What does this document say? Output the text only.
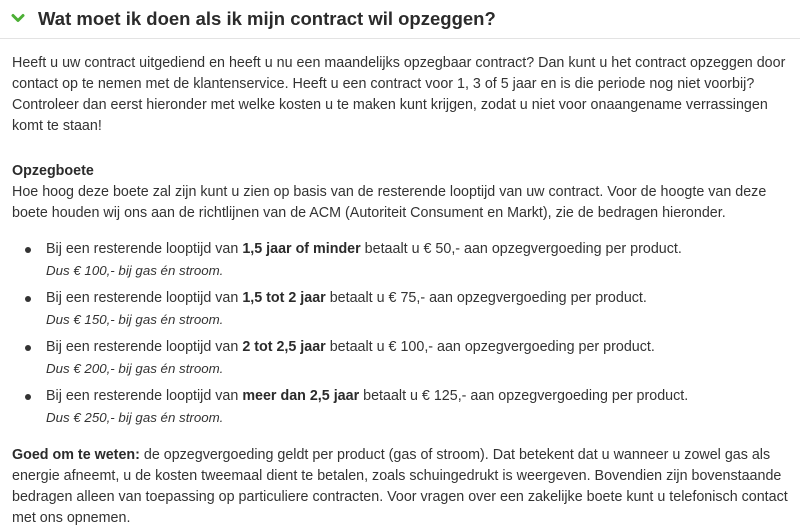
Wat moet ik doen als ik mijn contract wil opzeggen?

Heeft u uw contract uitgediend en heeft u nu een maandelijks opzegbaar contract? Dan kunt u het contract opzeggen door contact op te nemen met de klantenservice. Heeft u een contract voor 1, 3 of 5 jaar en is die periode nog niet voorbij? Controleer dan eerst hieronder met welke kosten u te maken kunt krijgen, zodat u niet voor onaangename verrassingen komt te staan!

Opzegboete

Hoe hoog deze boete zal zijn kunt u zien op basis van de resterende looptijd van uw contract. Voor de hoogte van deze boete houden wij ons aan de richtlijnen van de ACM (Autoriteit Consument en Markt), zie de bedragen hieronder.

Bij een resterende looptijd van 1,5 jaar of minder betaalt u € 50,- aan opzegvergoeding per product.
Dus € 100,- bij gas én stroom.
Bij een resterende looptijd van 1,5 tot 2 jaar betaalt u € 75,- aan opzegvergoeding per product.
Dus € 150,- bij gas én stroom.
Bij een resterende looptijd van 2 tot 2,5 jaar betaalt u € 100,- aan opzegvergoeding per product.
Dus € 200,- bij gas én stroom.
Bij een resterende looptijd van meer dan 2,5 jaar betaalt u € 125,- aan opzegvergoeding per product.
Dus € 250,- bij gas én stroom.

Goed om te weten: de opzegvergoeding geldt per product (gas of stroom). Dat betekent dat u wanneer u zowel gas als energie afneemt, u de kosten tweemaal dient te betalen, zoals schuingedrukt is weergeven. Bovendien zijn bovenstaande bedragen alleen van toepassing op particuliere contracten. Voor vragen over een zakelijke boete kunt u telefonisch contact met ons opnemen.
